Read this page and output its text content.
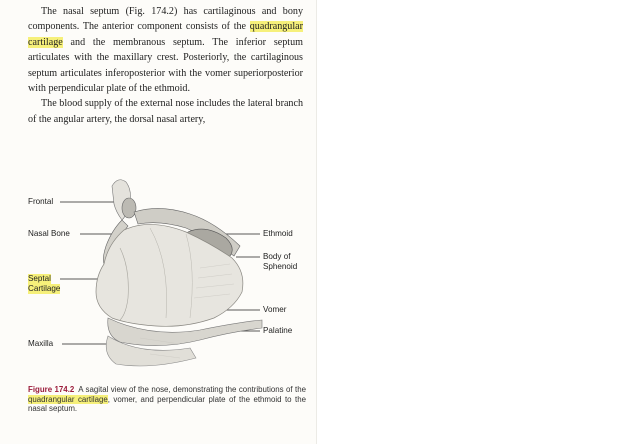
The nasal septum (Fig. 174.2) has cartilaginous and bony components. The anterior component consists of the quadrangular cartilage and the membranous septum. The inferior septum articulates with the maxillary crest. Posteriorly, the cartilaginous septum articulates inferoposterior with the vomer superiorposterior with perpendicular plate of the ethmoid.

The blood supply of the external nose includes the lateral branch of the angular artery, the dorsal nasal artery,

Frontal
Nasal Bone
Septal
Cartilage
Maxilla
Ethmoid
Body of
Sphenoid
Vomer
Palatine
Figure 174.2 A sagital view of the nose, demonstrating the contributions of the quadrangular cartilage, vomer, and perpendicular plate of the ethmoid to the nasal septum.
